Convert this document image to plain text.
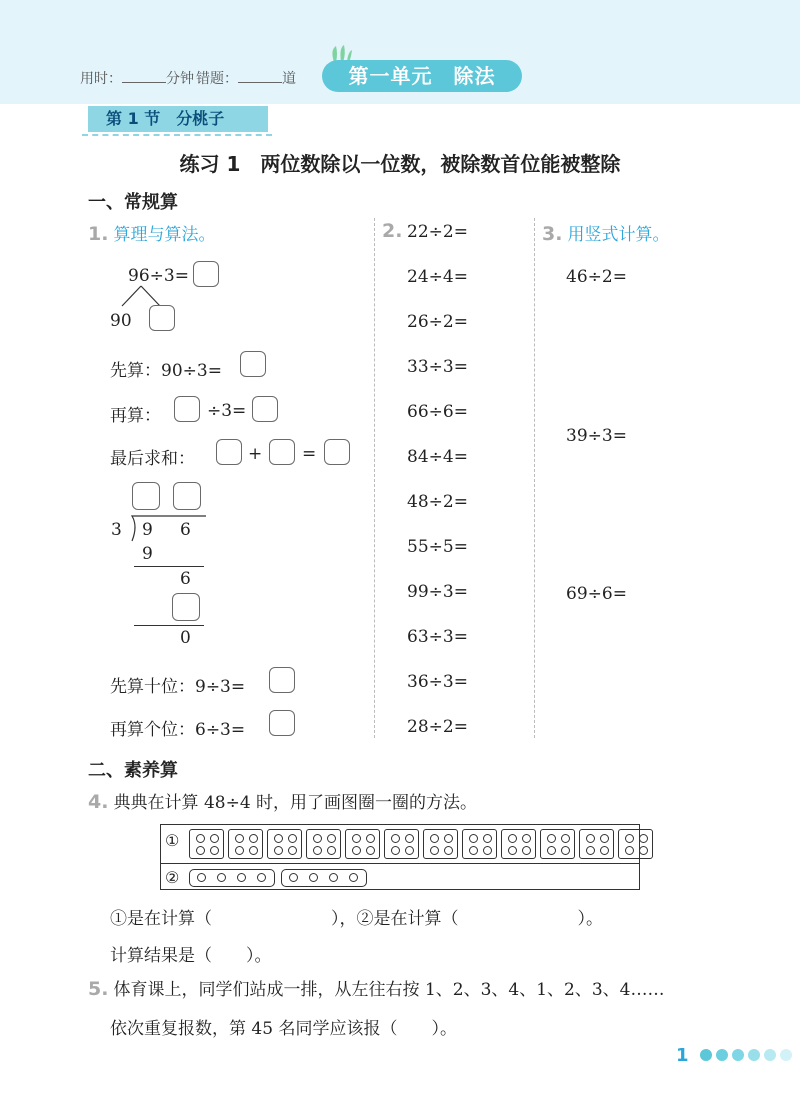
用时：	分钟 错题：	道	第一单元　除法
第 1 节　分桃子
练习 1　两位数除以一位数，被除数首位能被整除
一、常规算
1. 算理与算法。
96÷3=
90
先算：90÷3=
再算：	÷3=
最后求和：	+ =
3 9 6
9
6
0
先算十位：9÷3=
再算个位：6÷3=
2. 22÷2=
24÷4=
26÷2=
33÷3=
66÷6=
84÷4=
48÷2=
55÷5=
99÷3=
63÷3=
36÷3=
28÷2=
3. 用竖式计算。
46÷2=
39÷3=
69÷6=
二、素养算
4. 典典在计算 48÷4 时，用了画图圈一圈的方法。
①
②
①是在计算（　　　　　　　），②是在计算（　　　　　　　）。
计算结果是（　　）。
5. 体育课上，同学们站成一排，从左往右按 1、2、3、4、1、2、3、4……
依次重复报数，第 45 名同学应该报（　　）。
1
